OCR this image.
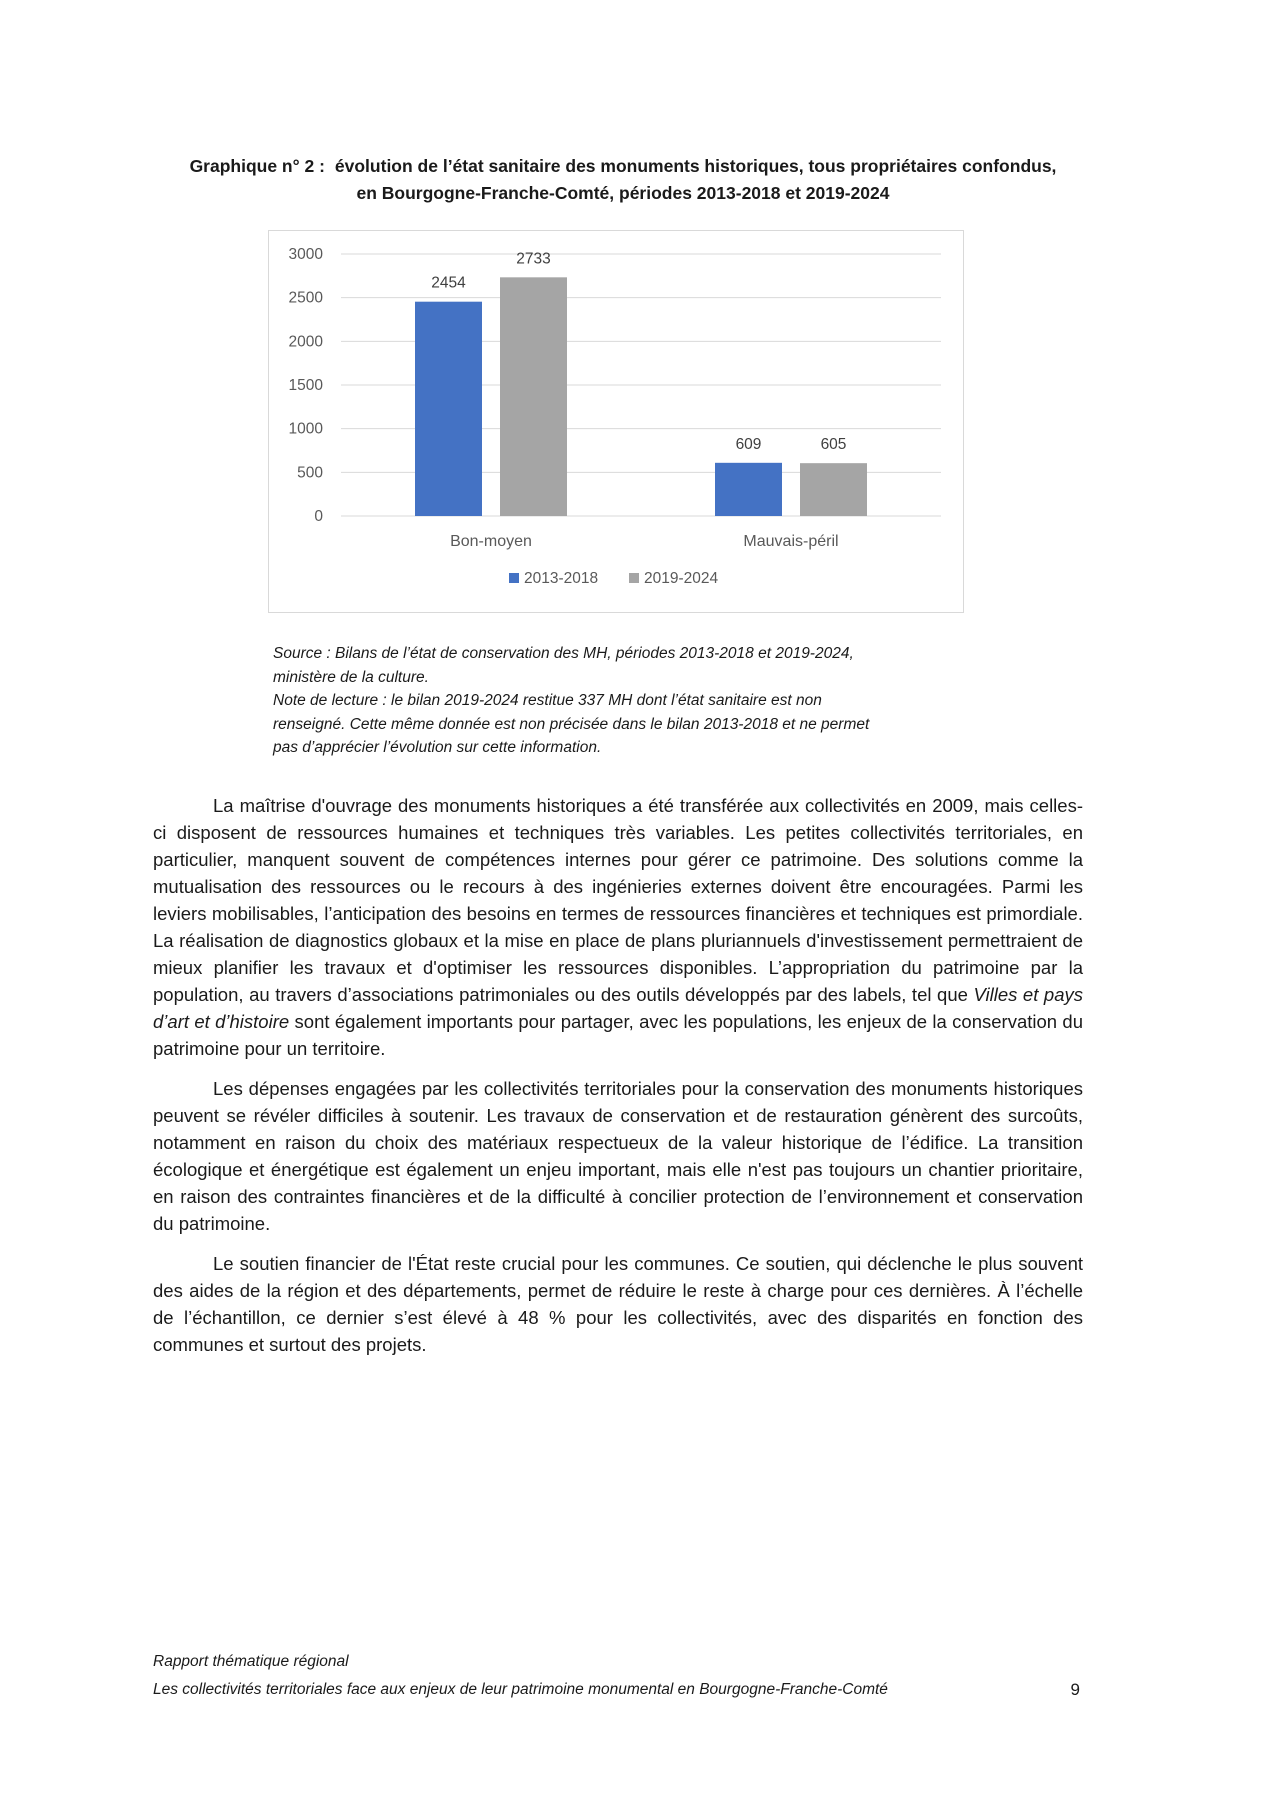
Graphique n° 2 : évolution de l’état sanitaire des monuments historiques, tous propriétaires confondus,
en Bourgogne-Franche-Comté, périodes 2013-2018 et 2019-2024
0
500
1000
1500
2000
2500
3000
2454
2733
Bon-moyen
609	605
Mauvais-péril
2013-2018	2019-2024
Source : Bilans de l’état de conservation des MH, périodes 2013-2018 et 2019-2024,
ministère de la culture.
Note de lecture : le bilan 2019-2024 restitue 337 MH dont l’état sanitaire est non
renseigné. Cette même donnée est non précisée dans le bilan 2013-2018 et ne permet
pas d’apprécier l’évolution sur cette information.

La maîtrise d'ouvrage des monuments historiques a été transférée aux collectivités en 2009, mais celles-ci disposent de ressources humaines et techniques très variables. Les petites collectivités territoriales, en particulier, manquent souvent de compétences internes pour gérer ce patrimoine. Des solutions comme la mutualisation des ressources ou le recours à des ingénieries externes doivent être encouragées. Parmi les leviers mobilisables, l’anticipation des besoins en termes de ressources financières et techniques est primordiale. La réalisation de diagnostics globaux et la mise en place de plans pluriannuels d'investissement permettraient de mieux planifier les travaux et d'optimiser les ressources disponibles. L’appropriation du patrimoine par la population, au travers d’associations patrimoniales ou des outils développés par des labels, tel que Villes et pays d’art et d’histoire sont également importants pour partager, avec les populations, les enjeux de la conservation du patrimoine pour un territoire.

Les dépenses engagées par les collectivités territoriales pour la conservation des monuments historiques peuvent se révéler difficiles à soutenir. Les travaux de conservation et de restauration génèrent des surcoûts, notamment en raison du choix des matériaux respectueux de la valeur historique de l’édifice. La transition écologique et énergétique est également un enjeu important, mais elle n'est pas toujours un chantier prioritaire, en raison des contraintes financières et de la difficulté à concilier protection de l’environnement et conservation du patrimoine.

Le soutien financier de l'État reste crucial pour les communes. Ce soutien, qui déclenche le plus souvent des aides de la région et des départements, permet de réduire le reste à charge pour ces dernières. À l’échelle de l’échantillon, ce dernier s’est élevé à 48 % pour les collectivités, avec des disparités en fonction des communes et surtout des projets.

Rapport thématique régional
Les collectivités territoriales face aux enjeux de leur patrimoine monumental en Bourgogne-Franche-Comté	9
